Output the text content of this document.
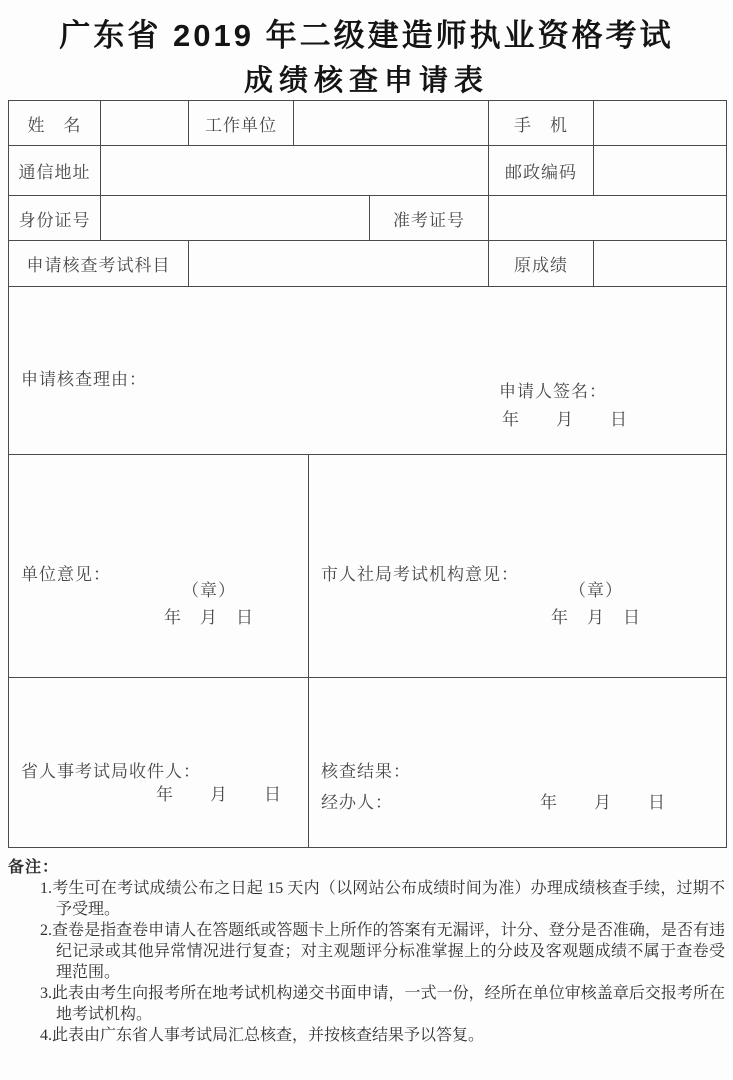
广东省 2019 年二级建造师执业资格考试
成绩核查申请表
姓　名		工作单位			手　机	
通信地址					邮政编码	
身份证号				准考证号		
申请核查考试科目					原成绩	

申请核查理由：
申请人签名：
年　　月　　日						
单位意见：
（章）
年　月　日

市人社局考试机构意见：
（章）
年　月　日

省人事考试局收件人：
年　　月　　日

核查结果：
经办人：	年　　月　　日
备注：
1.考生可在考试成绩公布之日起 15 天内（以网站公布成绩时间为准）办理成绩核查手续，过期不予受理。
2.查卷是指查卷申请人在答题纸或答题卡上所作的答案有无漏评，计分、登分是否准确，是否有违纪记录或其他异常情况进行复查；对主观题评分标准掌握上的分歧及客观题成绩不属于查卷受理范围。
3.此表由考生向报考所在地考试机构递交书面申请，一式一份，经所在单位审核盖章后交报考所在地考试机构。
4.此表由广东省人事考试局汇总核查，并按核查结果予以答复。
